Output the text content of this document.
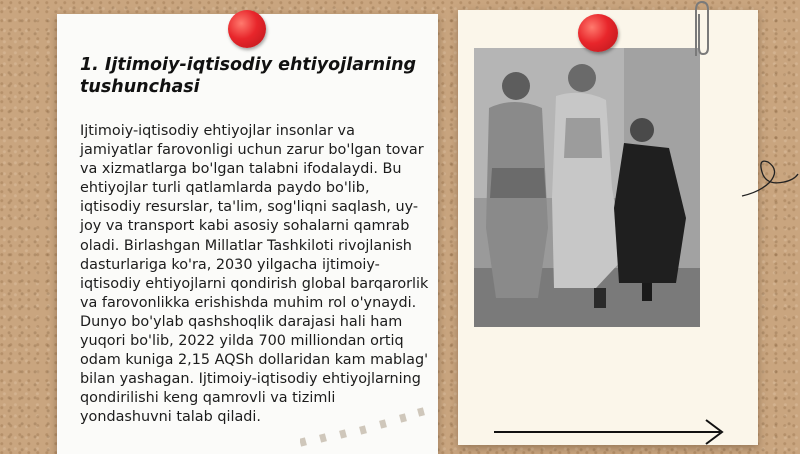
1. Ijtimoiy-iqtisodiy ehtiyojlarning tushunchasi

Ijtimoiy-iqtisodiy ehtiyojlar insonlar va jamiyatlar farovonligi uchun zarur bo'lgan tovar va xizmatlarga bo'lgan talabni ifodalaydi. Bu ehtiyojlar turli qatlamlarda paydo bo'lib, iqtisodiy resurslar, ta'lim, sog'liqni saqlash, uy-joy va transport kabi asosiy sohalarni qamrab oladi. Birlashgan Millatlar Tashkiloti rivojlanish dasturlariga ko'ra, 2030 yilgacha ijtimoiy-iqtisodiy ehtiyojlarni qondirish global barqarorlik va farovonlikka erishishda muhim rol o'ynaydi. Dunyo bo'ylab qashshoqlik darajasi hali ham yuqori bo'lib, 2022 yilda 700 milliondan ortiq odam kuniga 2,15 AQSh dollaridan kam mablag' bilan yashagan. Ijtimoiy-iqtisodiy ehtiyojlarning qondirilishi keng qamrovli va tizimli yondashuvni talab qiladi.
